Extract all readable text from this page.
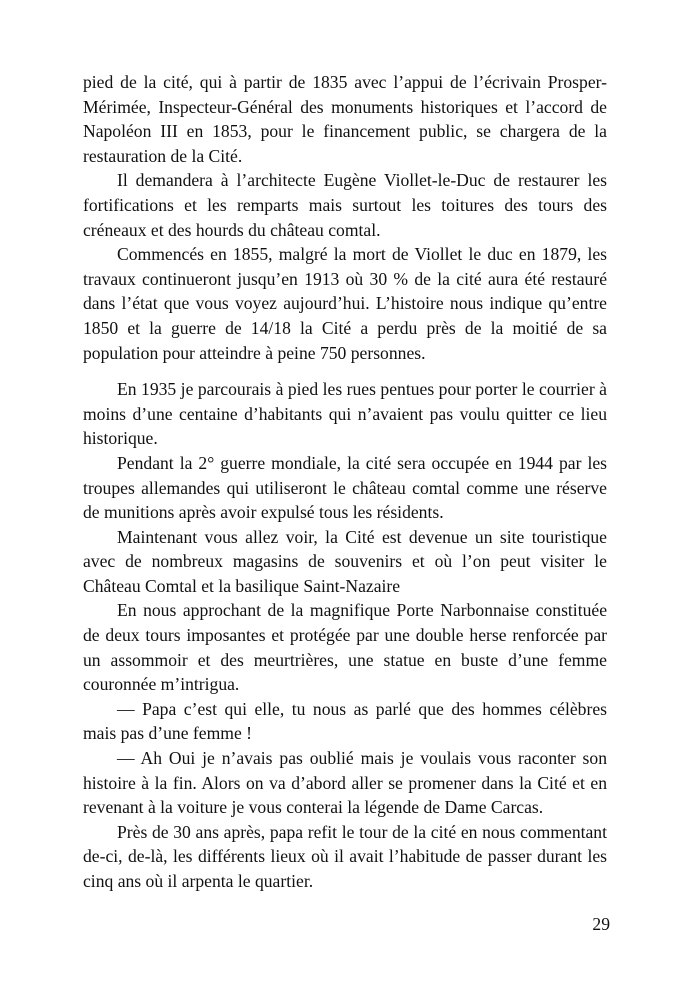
pied de la cité, qui à partir de 1835 avec l’appui de l’écrivain Prosper-Mérimée, Inspecteur-Général des monuments historiques et l’accord de Napoléon III en 1853, pour le financement public, se chargera de la restauration de la Cité.

Il demandera à l’architecte Eugène Viollet-le-Duc de restaurer les fortifications et les remparts mais surtout les toitures des tours des créneaux et des hourds du château comtal.

Commencés en 1855, malgré la mort de Viollet le duc en 1879, les travaux continueront jusqu’en 1913 où 30 % de la cité aura été restauré dans l’état que vous voyez aujourd’hui. L’histoire nous indique qu’entre 1850 et la guerre de 14/18 la Cité a perdu près de la moitié de sa population pour atteindre à peine 750 personnes.

En 1935 je parcourais à pied les rues pentues pour porter le courrier à moins d’une centaine d’habitants qui n’avaient pas voulu quitter ce lieu historique.

Pendant la 2° guerre mondiale, la cité sera occupée en 1944 par les troupes allemandes qui utiliseront le château comtal comme une réserve de munitions après avoir expulsé tous les résidents.

Maintenant vous allez voir, la Cité est devenue un site touristique avec de nombreux magasins de souvenirs et où l’on peut visiter le Château Comtal et la basilique Saint-Nazaire

En nous approchant de la magnifique Porte Narbonnaise constituée de deux tours imposantes et protégée par une double herse renforcée par un assommoir et des meurtrières, une statue en buste d’une femme couronnée m’intrigua.

— Papa c’est qui elle, tu nous as parlé que des hommes célèbres mais pas d’une femme !

— Ah Oui je n’avais pas oublié mais je voulais vous raconter son histoire à la fin. Alors on va d’abord aller se promener dans la Cité et en revenant à la voiture je vous conterai la légende de Dame Carcas.

Près de 30 ans après, papa refit le tour de la cité en nous commentant de-ci, de-là, les différents lieux où il avait l’habitude de passer durant les cinq ans où il arpenta le quartier.

29
